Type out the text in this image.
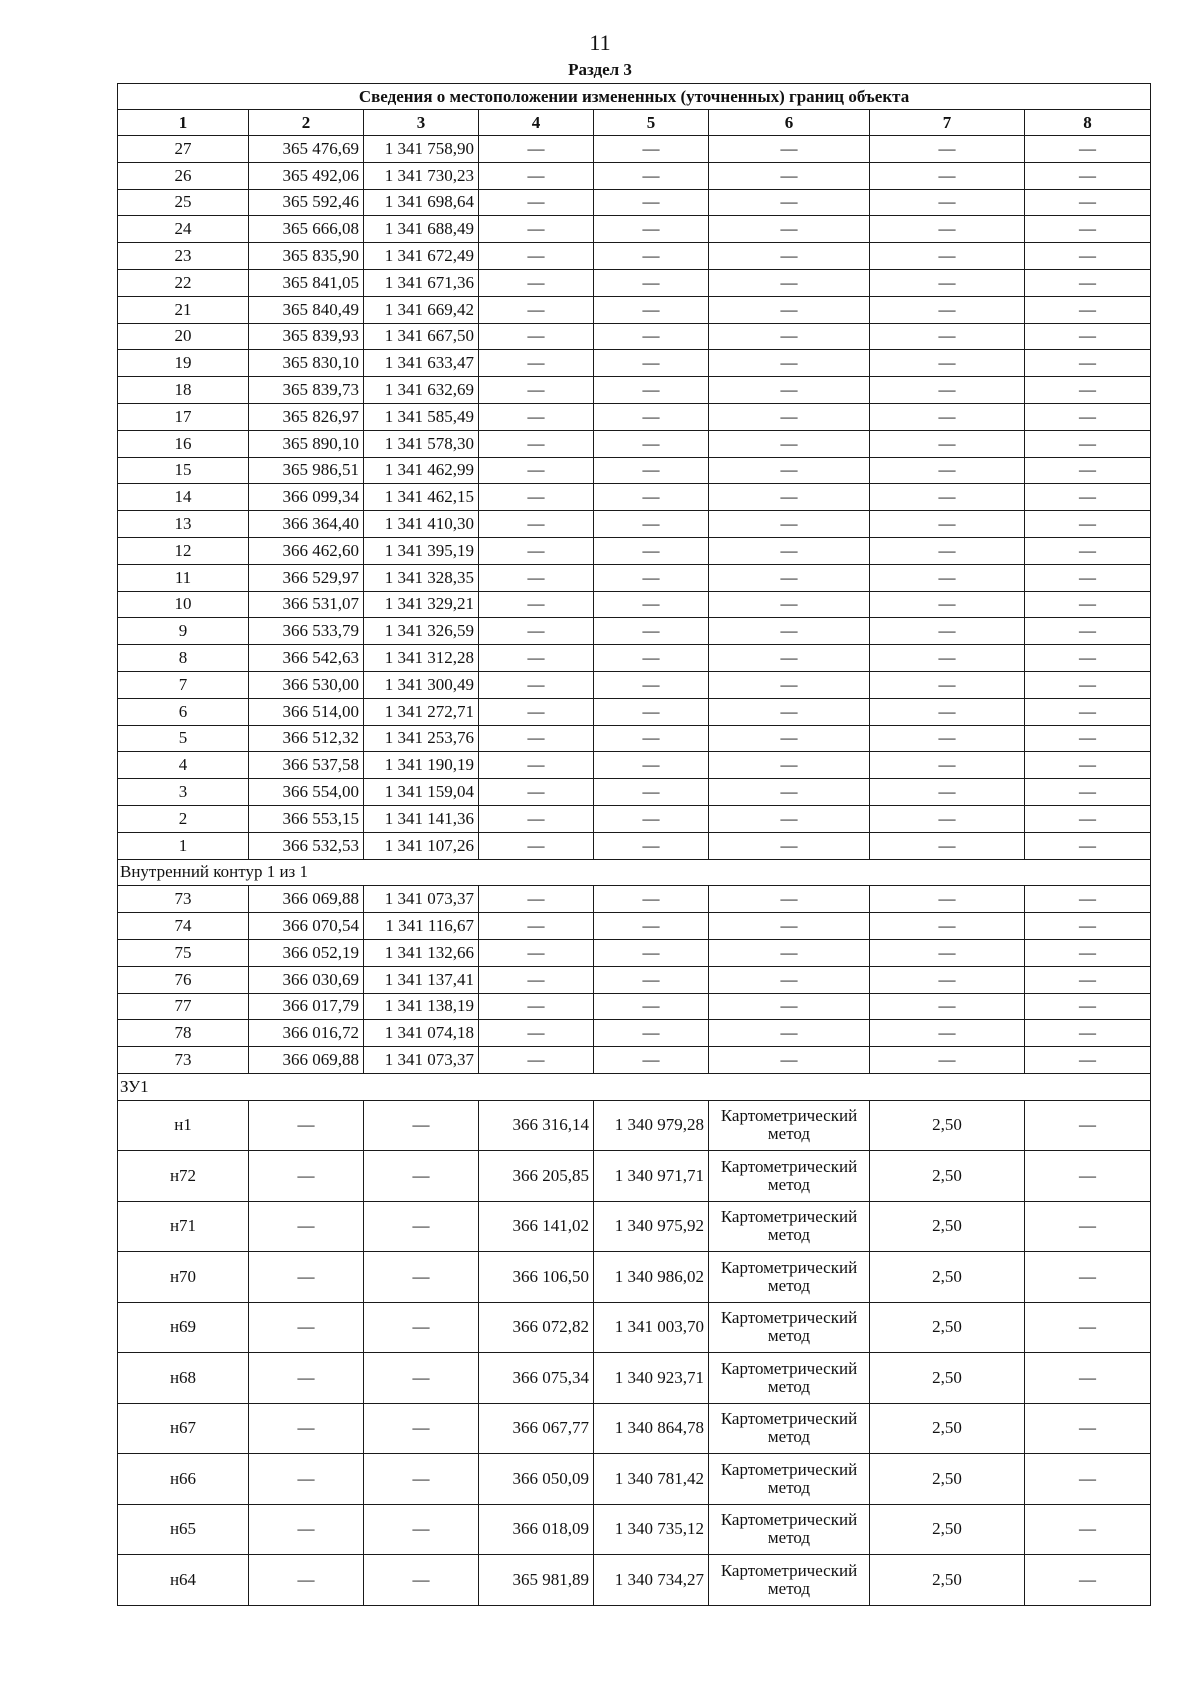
11
Раздел 3
Сведения о местоположении измененных (уточненных) границ объекта							
1	2	3	4	5	6	7	8
27	365 476,69	1 341 758,90	—	—	—	—	—
26	365 492,06	1 341 730,23	—	—	—	—	—
25	365 592,46	1 341 698,64	—	—	—	—	—
24	365 666,08	1 341 688,49	—	—	—	—	—
23	365 835,90	1 341 672,49	—	—	—	—	—
22	365 841,05	1 341 671,36	—	—	—	—	—
21	365 840,49	1 341 669,42	—	—	—	—	—
20	365 839,93	1 341 667,50	—	—	—	—	—
19	365 830,10	1 341 633,47	—	—	—	—	—
18	365 839,73	1 341 632,69	—	—	—	—	—
17	365 826,97	1 341 585,49	—	—	—	—	—
16	365 890,10	1 341 578,30	—	—	—	—	—
15	365 986,51	1 341 462,99	—	—	—	—	—
14	366 099,34	1 341 462,15	—	—	—	—	—
13	366 364,40	1 341 410,30	—	—	—	—	—
12	366 462,60	1 341 395,19	—	—	—	—	—
11	366 529,97	1 341 328,35	—	—	—	—	—
10	366 531,07	1 341 329,21	—	—	—	—	—
9	366 533,79	1 341 326,59	—	—	—	—	—
8	366 542,63	1 341 312,28	—	—	—	—	—
7	366 530,00	1 341 300,49	—	—	—	—	—
6	366 514,00	1 341 272,71	—	—	—	—	—
5	366 512,32	1 341 253,76	—	—	—	—	—
4	366 537,58	1 341 190,19	—	—	—	—	—
3	366 554,00	1 341 159,04	—	—	—	—	—
2	366 553,15	1 341 141,36	—	—	—	—	—
1	366 532,53	1 341 107,26	—	—	—	—	—
Внутренний контур 1 из 1							
73	366 069,88	1 341 073,37	—	—	—	—	—
74	366 070,54	1 341 116,67	—	—	—	—	—
75	366 052,19	1 341 132,66	—	—	—	—	—
76	366 030,69	1 341 137,41	—	—	—	—	—
77	366 017,79	1 341 138,19	—	—	—	—	—
78	366 016,72	1 341 074,18	—	—	—	—	—
73	366 069,88	1 341 073,37	—	—	—	—	—
ЗУ1							
н1	—	—	366 316,14	1 340 979,28	Картометрический метод	2,50	—
н72	—	—	366 205,85	1 340 971,71	Картометрический метод	2,50	—
н71	—	—	366 141,02	1 340 975,92	Картометрический метод	2,50	—
н70	—	—	366 106,50	1 340 986,02	Картометрический метод	2,50	—
н69	—	—	366 072,82	1 341 003,70	Картометрический метод	2,50	—
н68	—	—	366 075,34	1 340 923,71	Картометрический метод	2,50	—
н67	—	—	366 067,77	1 340 864,78	Картометрический метод	2,50	—
н66	—	—	366 050,09	1 340 781,42	Картометрический метод	2,50	—
н65	—	—	366 018,09	1 340 735,12	Картометрический метод	2,50	—
н64	—	—	365 981,89	1 340 734,27	Картометрический метод	2,50	—
